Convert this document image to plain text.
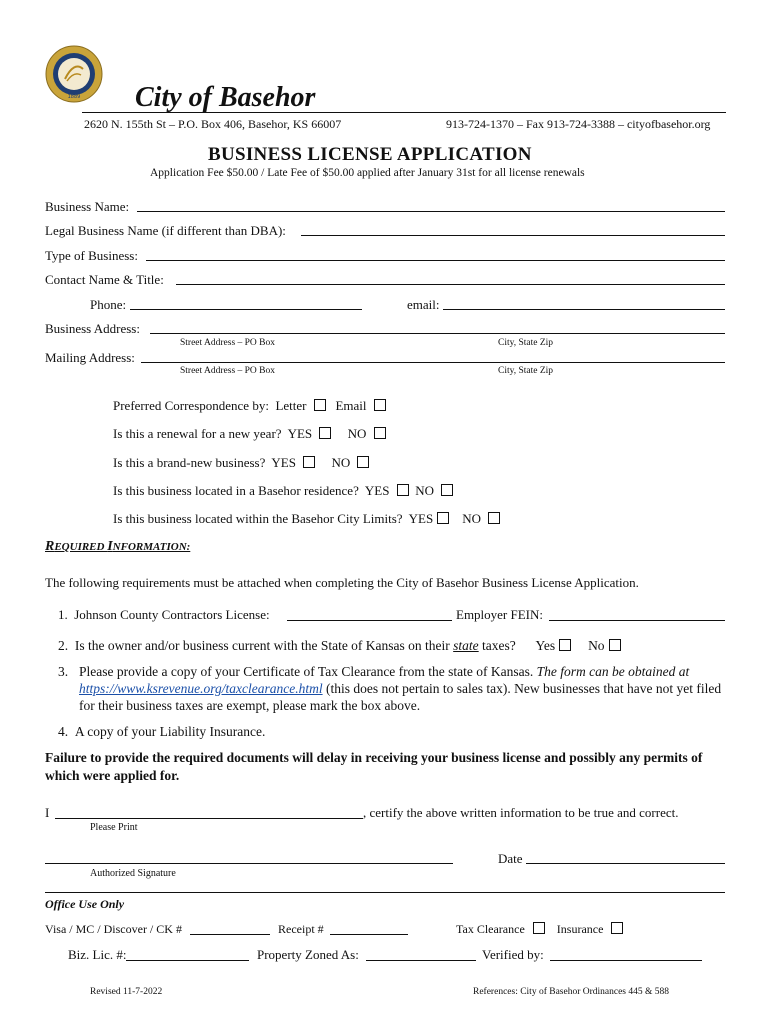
1889 City of Basehor
2620 N. 155th St – P.O. Box 406, Basehor, KS 66007	913-724-1370 – Fax 913-724-3388 – cityofbasehor.org
BUSINESS LICENSE APPLICATION
Application Fee $50.00 / Late Fee of $50.00 applied after January 31st for all license renewals
Business Name:
Legal Business Name (if different than DBA):
Type of Business:
Contact Name & Title:
Phone:	email:
Business Address:
Street Address – PO Box	City, State Zip
Mailing Address:
Street Address – PO Box	City, State Zip
Preferred Correspondence by: Letter Email
Is this a renewal for a new year? YES	NO
Is this a brand-new business? YES	NO
Is this business located in a Basehor residence? YES NO
Is this business located within the Basehor City Limits? YES NO
REQUIRED INFORMATION:
The following requirements must be attached when completing the City of Basehor Business License Application.
1.  Johnson County Contractors License:	Employer FEIN:
2.  Is the owner and/or business current with the State of Kansas on their state taxes? Yes No
3. Please provide a copy of your Certificate of Tax Clearance from the state of Kansas. The form can be obtained at https://www.ksrevenue.org/taxclearance.html (this does not pertain to sales tax). New businesses that have not yet filed for their business taxes are exempt, please mark the box above.
4.  A copy of your Liability Insurance.
Failure to provide the required documents will delay in receiving your business license and possibly any permits of which were applied for.
I	, certify the above written information to be true and correct.
Please Print
Date
Authorized Signature
Office Use Only
Visa / MC / Discover / CK #	Receipt #	Tax Clearance	Insurance
Biz. Lic. #:	Property Zoned As:	Verified by:
Revised 11-7-2022	References: City of Basehor Ordinances 445 & 588
